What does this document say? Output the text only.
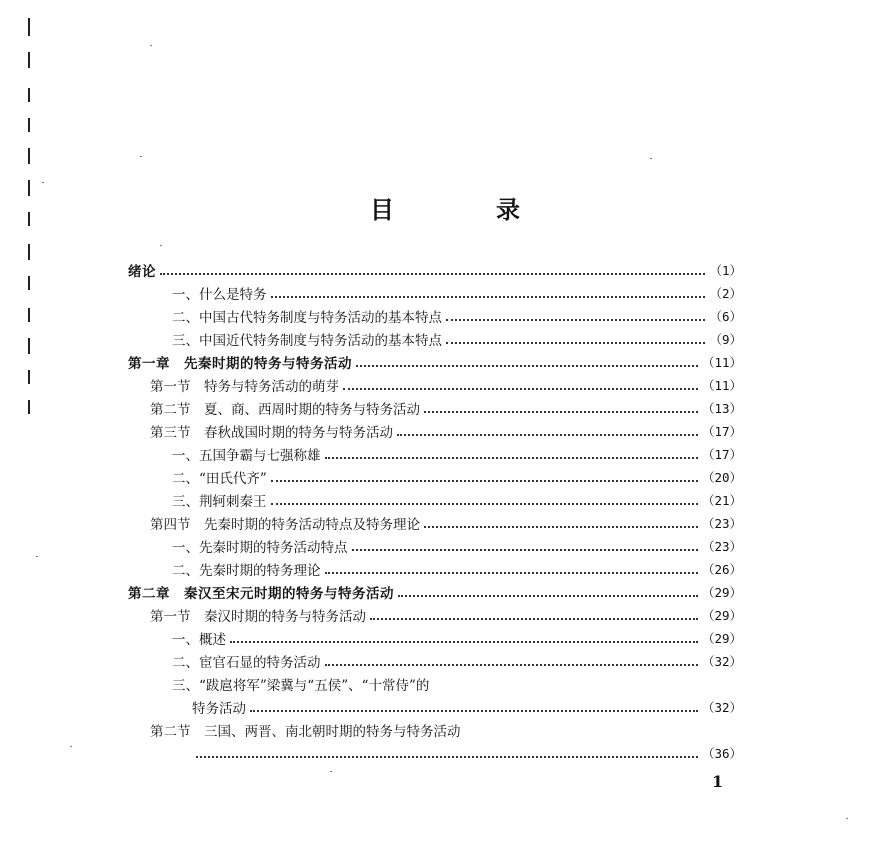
目	录
绪论	（1）
一、什么是特务	（2）
二、中国古代特务制度与特务活动的基本特点	（6）
三、中国近代特务制度与特务活动的基本特点	（9）
第一章　先秦时期的特务与特务活动	（11）
第一节　特务与特务活动的萌芽	（11）
第二节　夏、商、西周时期的特务与特务活动	（13）
第三节　春秋战国时期的特务与特务活动	（17）
一、五国争霸与七强称雄	（17）
二、“田氏代齐”	（20）
三、荆轲刺秦王	（21）
第四节　先秦时期的特务活动特点及特务理论	（23）
一、先秦时期的特务活动特点	（23）
二、先秦时期的特务理论	（26）
第二章　秦汉至宋元时期的特务与特务活动	（29）
第一节　秦汉时期的特务与特务活动	（29）
一、概述	（29）
二、宦官石显的特务活动	（32）
三、“跋扈将军”梁冀与“五侯”、“十常侍”的
特务活动	（32）
第二节　三国、两晋、南北朝时期的特务与特务活动
（36）
1
